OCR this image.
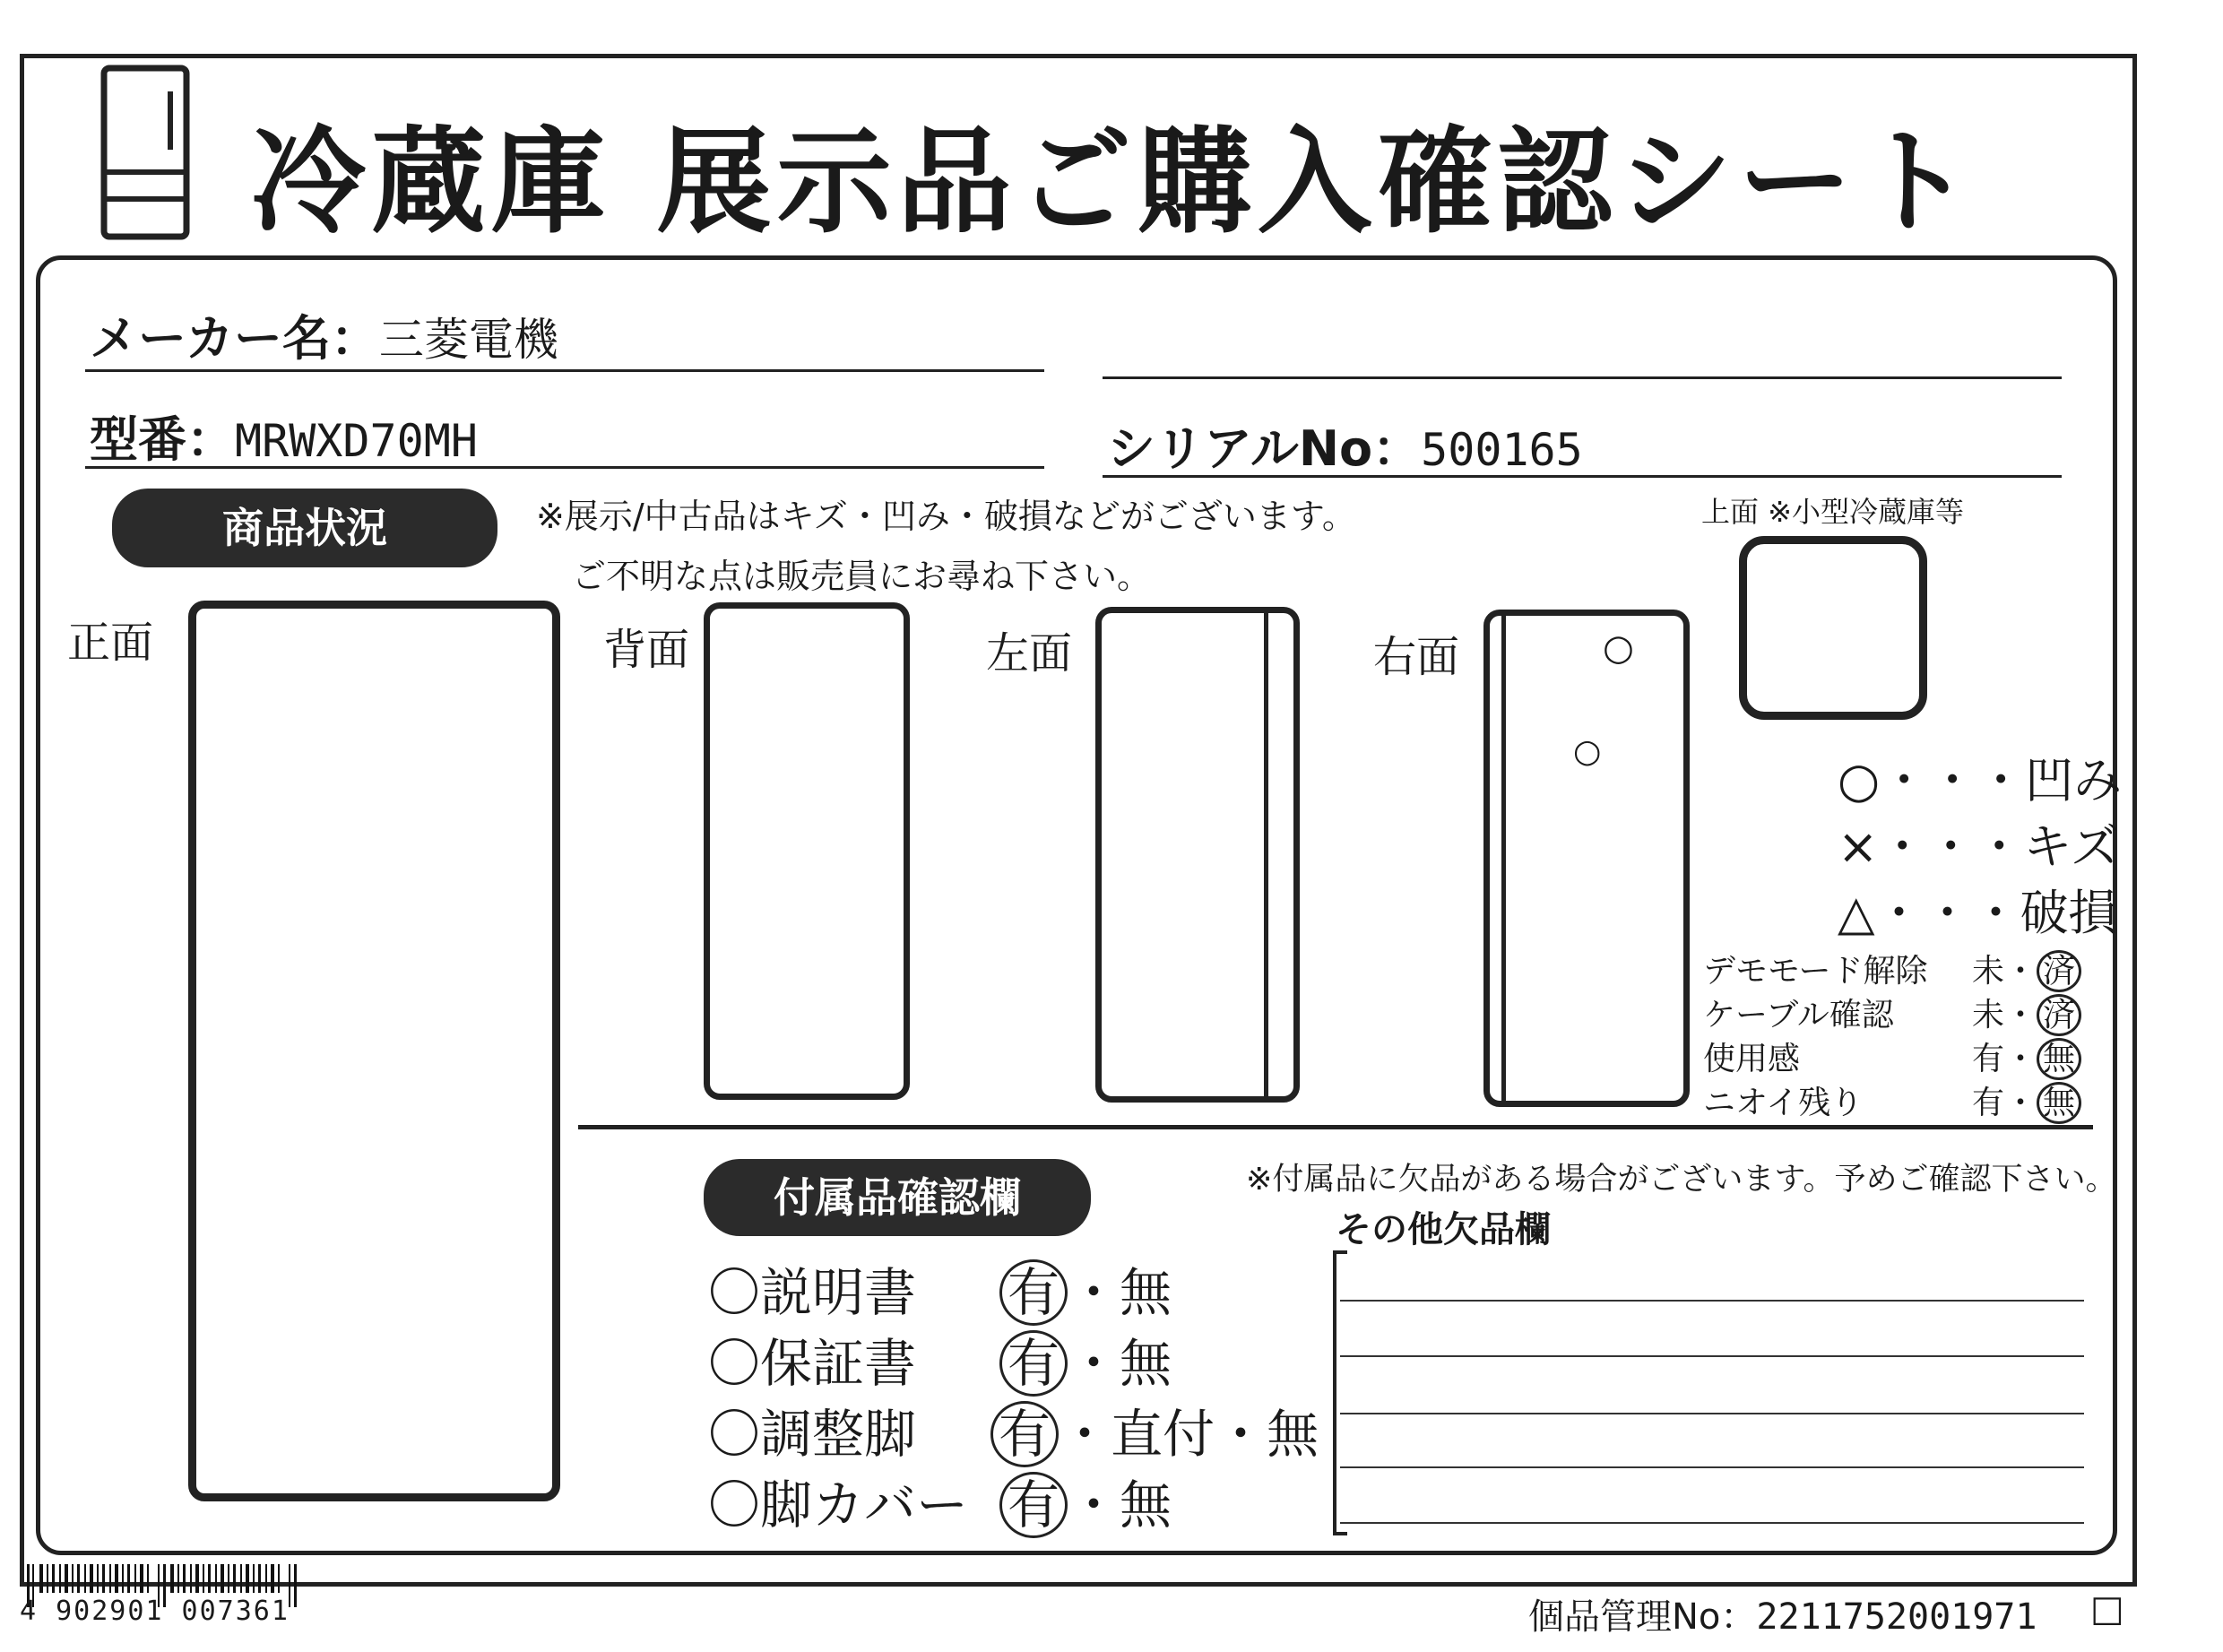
冷蔵庫 展示品ご購入確認シート
メーカー名：三菱電機
型番：MRWXD70MH	シリアルNo：500165
商品状況	※展示/中古品はキズ・凹み・破損などがございます。
ご不明な点は販売員にお尋ね下さい。
正面	背面	左面	右面	○
○
上面 ※小型冷蔵庫等
○・・・凹み
×・・・キズ
△・・・破損
デモモード解除 未・ 済
ケーブル確認 未・ 済
使用感	有・ 無
ニオイ残り	有・ 無
付属品確認欄	※付属品に欠品がある場合がございます。予めご確認下さい。
その他欠品欄
〇説明書 有 ・無
〇保証書 有 ・無
〇調整脚 有 ・直付・無
〇脚カバー 有 ・無
4 902901 007361	個品管理No：2211752001971 □
